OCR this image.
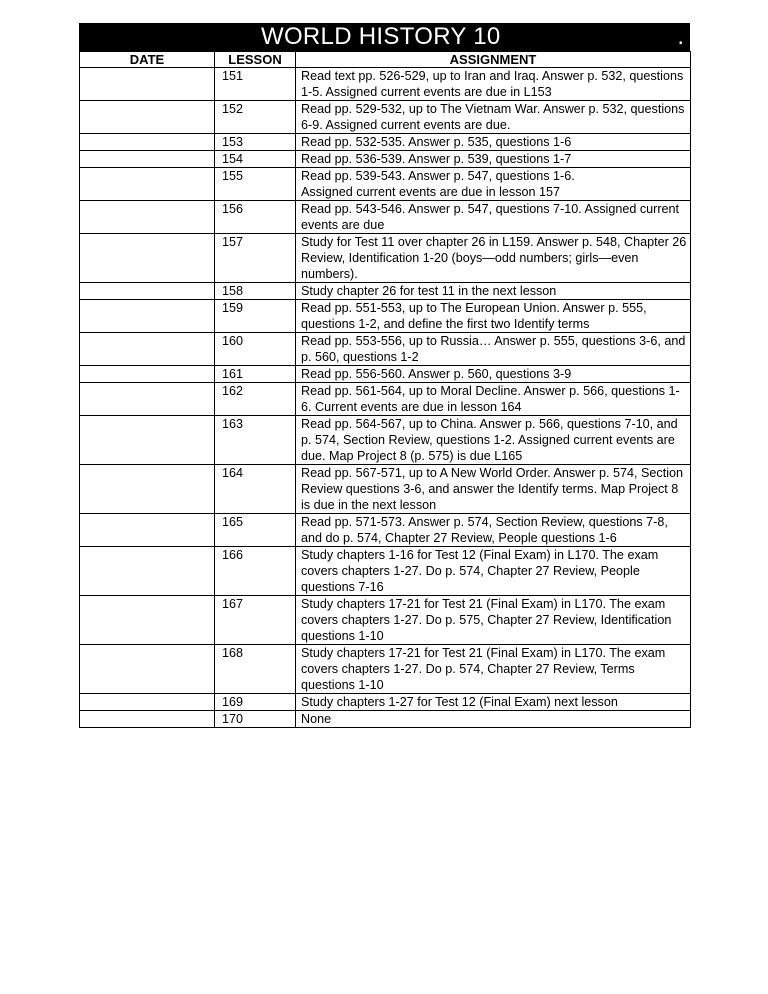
WORLD HISTORY 10	.
DATE	LESSON	ASSIGNMENT
	151	Read text pp. 526-529, up to Iran and Iraq. Answer p. 532, questions 1-5. Assigned current events are due in L153
	152	Read pp. 529-532, up to The Vietnam War. Answer p. 532, questions 6-9. Assigned current events are due.
	153	Read pp. 532-535. Answer p. 535, questions 1-6
	154	Read pp. 536-539. Answer p. 539, questions 1-7
	155	Read pp. 539-543. Answer p. 547, questions 1-6.
Assigned current events are due in lesson 157
	156	Read pp. 543-546. Answer p. 547, questions 7-10. Assigned current events are due
	157	Study for Test 11 over chapter 26 in L159. Answer p. 548, Chapter 26 Review, Identification 1-20 (boys—odd numbers; girls—even numbers).
	158	Study chapter 26 for test 11 in the next lesson
	159	Read pp. 551-553, up to The European Union. Answer p. 555, questions 1-2, and define the first two Identify terms
	160	Read pp. 553-556, up to Russia… Answer p. 555, questions 3-6, and p. 560, questions 1-2
	161	Read pp. 556-560. Answer p. 560, questions 3-9
	162	Read pp. 561-564, up to Moral Decline. Answer p. 566, questions 1-6. Current events are due in lesson 164
	163	Read pp. 564-567, up to China. Answer p. 566, questions 7-10, and p. 574, Section Review, questions 1-2. Assigned current events are due. Map Project 8 (p. 575) is due L165
	164	Read pp. 567-571, up to A New World Order. Answer p. 574, Section Review questions 3-6, and answer the Identify terms. Map Project 8 is due in the next lesson
	165	Read pp. 571-573. Answer p. 574, Section Review, questions 7-8, and do p. 574, Chapter 27 Review, People questions 1-6
	166	Study chapters 1-16 for Test 12 (Final Exam) in L170. The exam covers chapters 1-27. Do p. 574, Chapter 27 Review, People questions 7-16
	167	Study chapters 17-21 for Test 21 (Final Exam) in L170. The exam covers chapters 1-27. Do p. 575, Chapter 27 Review, Identification questions 1-10
	168	Study chapters 17-21 for Test 21 (Final Exam) in L170. The exam covers chapters 1-27. Do p. 574, Chapter 27 Review, Terms questions 1-10
	169	Study chapters 1-27 for Test 12 (Final Exam) next lesson
	170	None
